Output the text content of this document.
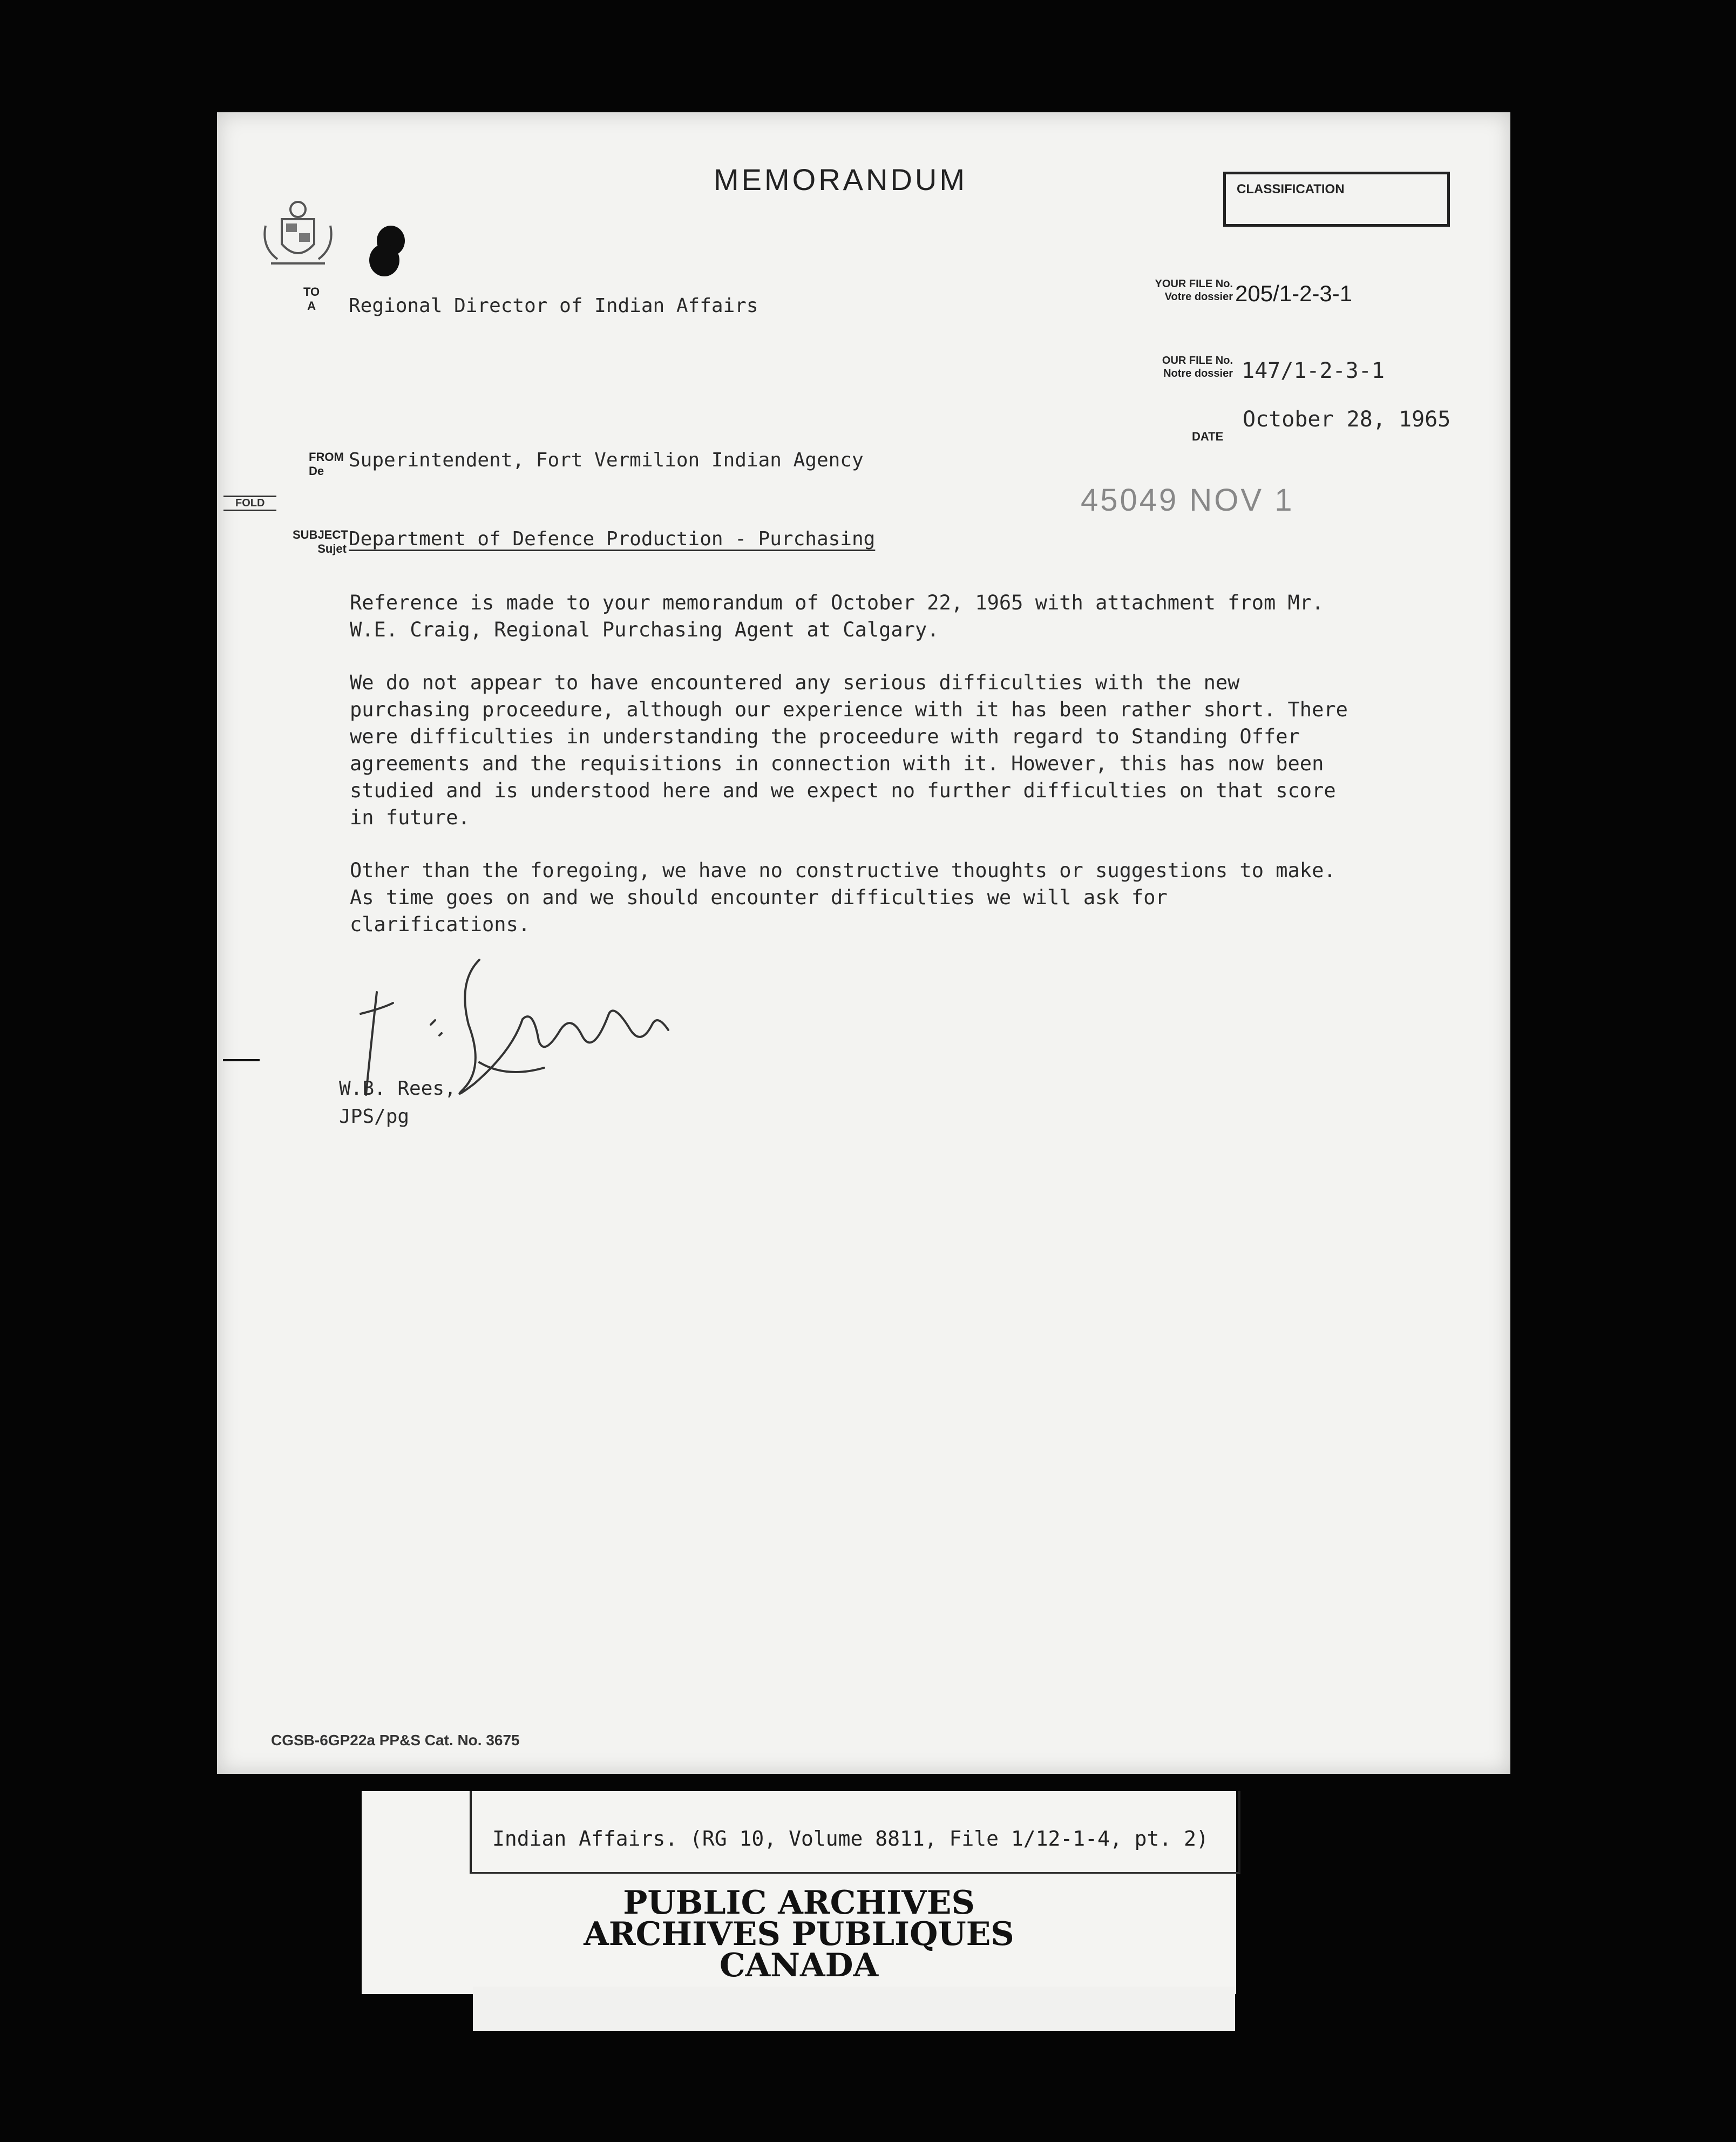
MEMORANDUM	CLASSIFICATION
TO
A Regional Director of Indian Affairs
YOUR FILE No.
Votre dossier 205/1-2-3-1
OUR FILE No.
Notre dossier 147/1-2-3-1
DATE
October 28, 1965
FROM
De	Superintendent, Fort Vermilion Indian Agency
FOLD	45049 NOV 1
SUBJECT
Sujet Department of Defence Production - Purchasing

Reference is made to your memorandum of October 22, 1965 with attachment from Mr. W.E. Craig, Regional Purchasing Agent at Calgary.

We do not appear to have encountered any serious difficulties with the new purchasing proceedure, although our experience with it has been rather short. There were difficulties in understanding the proceedure with regard to Standing Offer agreements and the requisitions in connection with it. However, this has now been studied and is understood here and we expect no further difficulties on that score in future.

Other than the foregoing, we have no constructive thoughts or suggestions to make. As time goes on and we should encounter difficulties we will ask for clarifications.

W.B. Rees,
JPS/pg
CGSB-6GP22a PP&S Cat. No. 3675
Indian Affairs. (RG 10, Volume 8811, File 1/12-1-4, pt. 2)
PUBLIC ARCHIVES
ARCHIVES PUBLIQUES
CANADA
